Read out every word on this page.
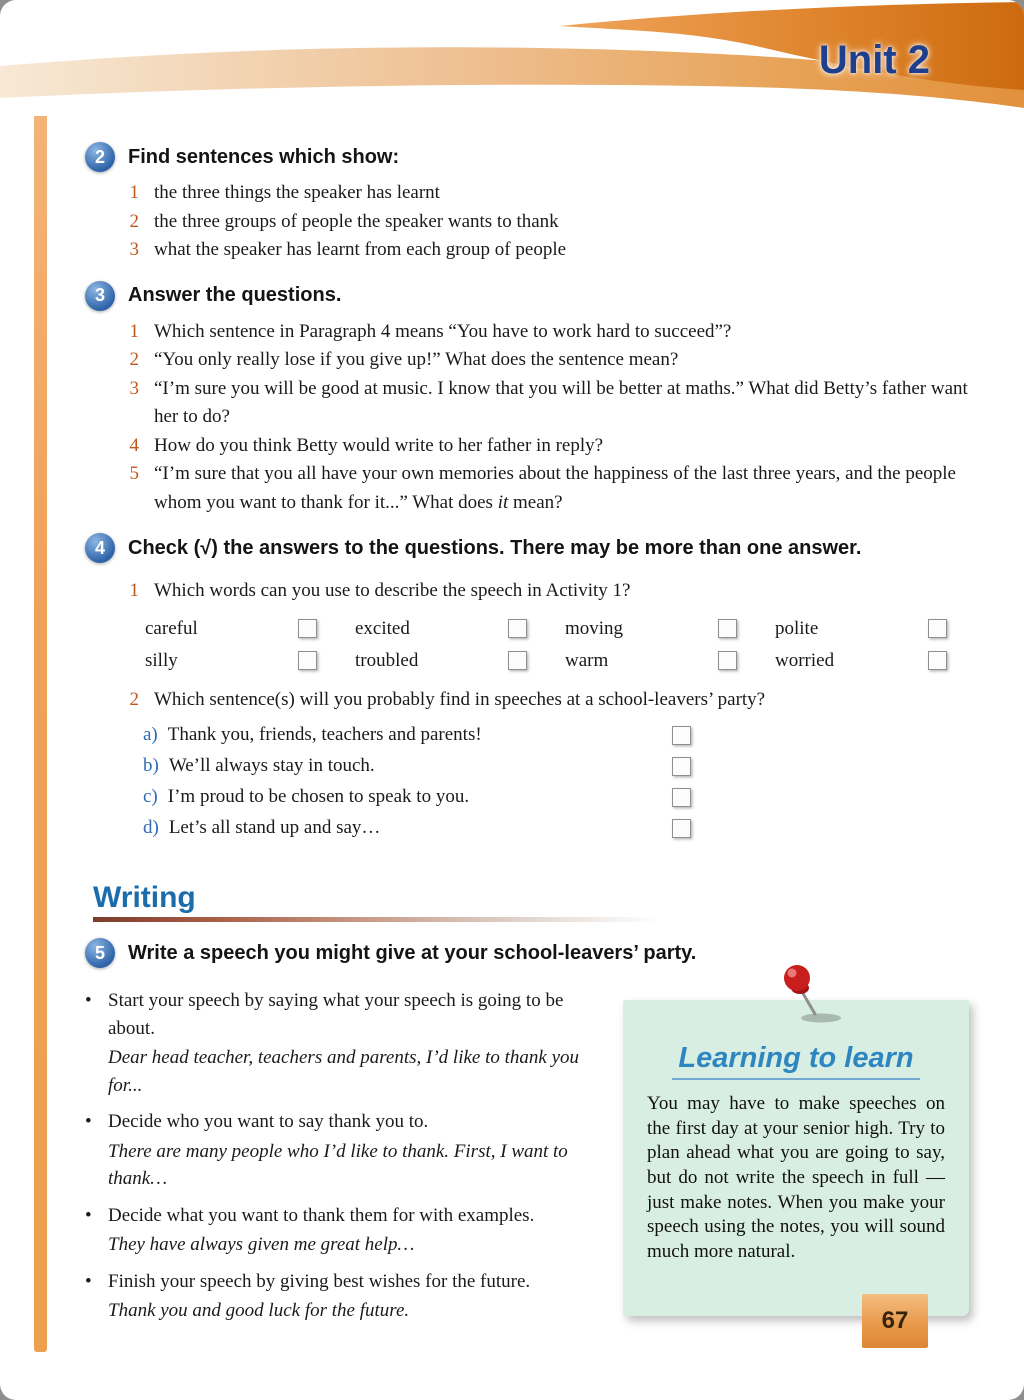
Unit 2
2	Find sentences which show:
1 the three things the speaker has learnt
2 the three groups of people the speaker wants to thank
3 what the speaker has learnt from each group of people
3	Answer the questions.
1 Which sentence in Paragraph 4 means “You have to work hard to succeed”?
2 “You only really lose if you give up!” What does the sentence mean?
3 “I’m sure you will be good at music. I know that you will be better at maths.” What did Betty’s father want her to do?
4 How do you think Betty would write to her father in reply?
5 “I’m sure that you all have your own memories about the happiness of the last three years, and the people whom you want to thank for it...” What does it mean?
4	Check (√) the answers to the questions. There may be more than one answer.
1 Which words can you use to describe the speech in Activity 1?
careful	excited	moving	polite
silly	troubled	warm	worried
2 Which sentence(s) will you probably find in speeches at a school-leavers’ party?
a) Thank you, friends, teachers and parents!
b) We’ll always stay in touch.
c) I’m proud to be chosen to speak to you.
d) Let’s all stand up and say…
Writing
5	Write a speech you might give at your school-leavers’ party.
• Start your speech by saying what your speech is going to be about.
Dear head teacher, teachers and parents, I’d like to thank you for...
• Decide who you want to say thank you to.
There are many people who I’d like to thank. First, I want to thank…
• Decide what you want to thank them for with examples.
They have always given me great help…
• Finish your speech by giving best wishes for the future.
Thank you and good luck for the future.
Learning to learn
You may have to make speeches on the first day at your senior high. Try to plan ahead what you are going to say, but do not write the speech in full — just make notes. When you make your speech using the notes, you will sound much more natural.
67
